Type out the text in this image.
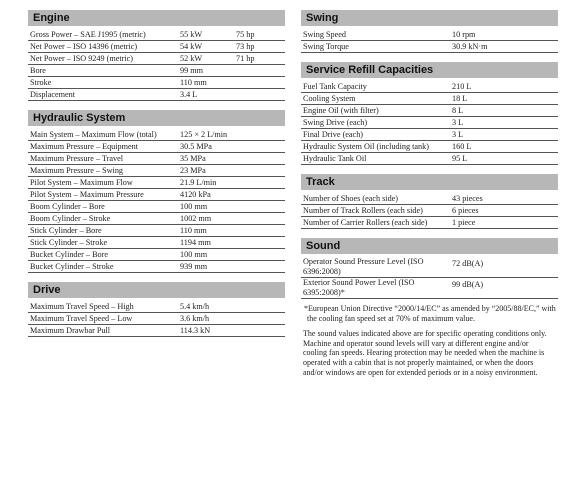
Engine
Gross Power – SAE J1995 (metric)	55 kW	75 hp
Net Power – ISO 14396 (metric)	54 kW	73 hp
Net Power – ISO 9249 (metric)	52 kW	71 hp
Bore	99 mm	
Stroke	110 mm	
Displacement	3.4 L	
Hydraulic System
Main System – Maximum Flow (total)	125 × 2 L/min
Maximum Pressure – Equipment	30.5 MPa
Maximum Pressure – Travel	35 MPa
Maximum Pressure – Swing	23 MPa
Pilot System – Maximum Flow	21.9 L/min
Pilot System – Maximum Pressure	4120 kPa
Boom Cylinder – Bore	100 mm
Boom Cylinder – Stroke	1002 mm
Stick Cylinder – Bore	110 mm
Stick Cylinder – Stroke	1194 mm
Bucket Cylinder – Bore	100 mm
Bucket Cylinder – Stroke	939 mm
Drive
Maximum Travel Speed – High	5.4 km/h
Maximum Travel Speed – Low	3.6 km/h
Maximum Drawbar Pull	114.3 kN
Swing
Swing Speed	10 rpm
Swing Torque	30.9 kN·m
Service Refill Capacities
Fuel Tank Capacity	210 L
Cooling System	18 L
Engine Oil (with filter)	8 L
Swing Drive (each)	3 L
Final Drive (each)	3 L
Hydraulic System Oil (including tank)	160 L
Hydraulic Tank Oil	95 L
Track
Number of Shoes (each side)	43 pieces
Number of Track Rollers (each side)	6 pieces
Number of Carrier Rollers (each side)	1 piece
Sound
Operator Sound Pressure Level (ISO 6396:2008)	72 dB(A)
Exterior Sound Power Level (ISO 6395:2008)*	99 dB(A)
*European Union Directive “2000/14/EC” as amended by “2005/88/EC,” with the cooling fan speed set at 70% of maximum value.
The sound values indicated above are for specific operating conditions only. Machine and operator sound levels will vary at different engine and/or cooling fan speeds. Hearing protection may be needed when the machine is operated with a cabin that is not properly maintained, or when the doors and/or windows are open for extended periods or in a noisy environment.
